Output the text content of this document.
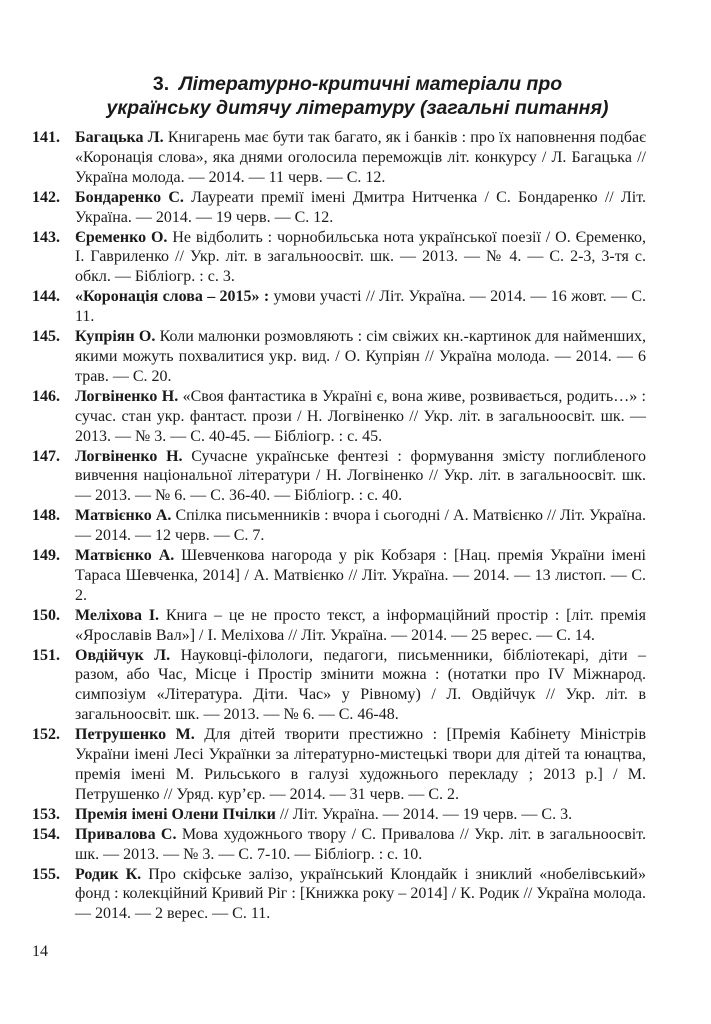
3. Літературно-критичні матеріали про
українську дитячу літературу (загальні питання)
141. Багацька Л. Книгарень має бути так багато, як і банків : про їх наповнення подбає «Коронація слова», яка днями оголосила переможців літ. конкурсу / Л. Багацька // Україна молода. — 2014. — 11 черв. — С. 12.
142. Бондаренко С. Лауреати премії імені Дмитра Нитченка / С. Бондаренко // Літ. Україна. — 2014. — 19 черв. — С. 12.
143. Єременко О. Не відболить : чорнобильська нота української поезії / О. Єременко, І. Гавриленко // Укр. літ. в загальноосвіт. шк. — 2013. — № 4. — С. 2-3, 3-тя с. обкл. — Бібліогр. : с. 3.
144. «Коронація слова – 2015» : умови участі // Літ. Україна. — 2014. — 16 жовт. — С. 11.
145. Купріян О. Коли малюнки розмовляють : сім свіжих кн.-картинок для найменших, якими можуть похвалитися укр. вид. / О. Купріян // Україна молода. — 2014. — 6 трав. — С. 20.
146. Логвіненко Н. «Своя фантастика в Україні є, вона живе, розвивається, родить…» : сучас. стан укр. фантаст. прози / Н. Логвіненко // Укр. літ. в загальноосвіт. шк. — 2013. — № 3. — С. 40-45. — Бібліогр. : с. 45.
147. Логвіненко Н. Сучасне українське фентезі : формування змісту поглибленого вивчення національної літератури / Н. Логвіненко // Укр. літ. в загальноосвіт. шк. — 2013. — № 6. — С. 36-40. — Бібліогр. : с. 40.
148. Матвієнко А. Спілка письменників : вчора і сьогодні / А. Матвієнко // Літ. Україна. — 2014. — 12 черв. — С. 7.
149. Матвієнко А. Шевченкова нагорода у рік Кобзаря : [Нац. премія України імені Тараса Шевченка, 2014] / А. Матвієнко // Літ. Україна. — 2014. — 13 листоп. — С. 2.
150. Меліхова І. Книга – це не просто текст, а інформаційний простір : [літ. премія «Ярославів Вал»] / І. Меліхова // Літ. Україна. — 2014. — 25 верес. — С. 14.
151. Овдійчук Л. Науковці-філологи, педагоги, письменники, бібліотекарі, діти – разом, або Час, Місце і Простір змінити можна : (нотатки про IV Міжнарод. симпозіум «Література. Діти. Час» у Рівному) / Л. Овдійчук // Укр. літ. в загальноосвіт. шк. — 2013. — № 6. — С. 46-48.
152. Петрушенко М. Для дітей творити престижно : [Премія Кабінету Міністрів України імені Лесі Українки за літературно-мистецькі твори для дітей та юнацтва, премія імені М. Рильського в галузі художнього перекладу ; 2013 р.] / М. Петрушенко // Уряд. кур’єр. — 2014. — 31 черв. — С. 2.
153. Премія імені Олени Пчілки // Літ. Україна. — 2014. — 19 черв. — С. 3.
154. Привалова С. Мова художнього твору / С. Привалова // Укр. літ. в загальноосвіт. шк. — 2013. — № 3. — С. 7-10. — Бібліогр. : с. 10.
155. Родик К. Про скіфське залізо, український Клондайк і зниклий «нобелівський» фонд : колекційний Кривий Ріг : [Книжка року – 2014] / К. Родик // Україна молода. — 2014. — 2 верес. — С. 11.
14
